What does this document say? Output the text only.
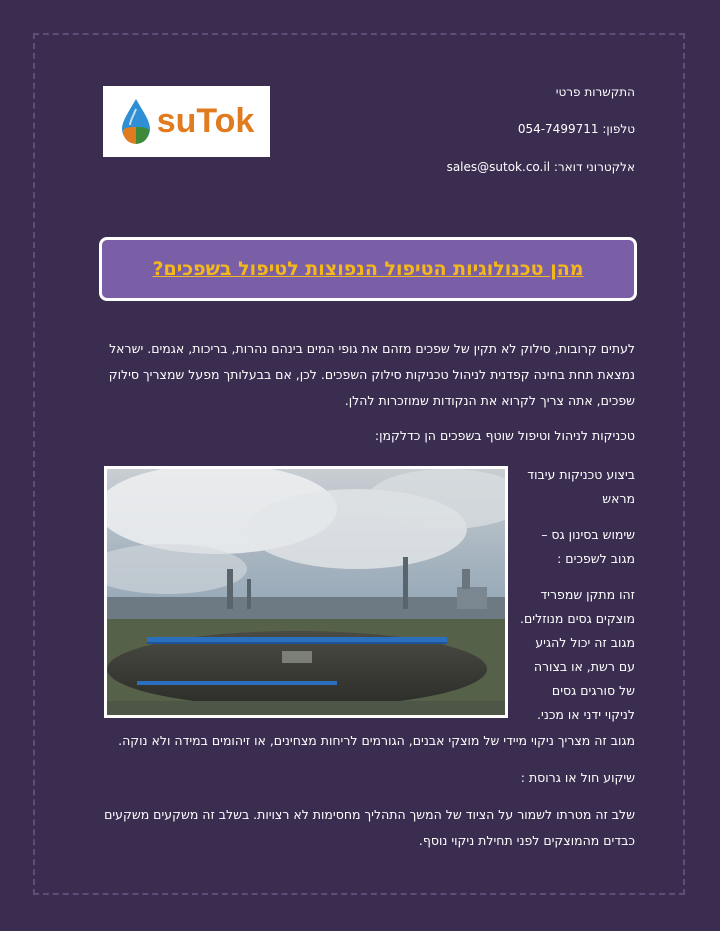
suTok
התקשרות פרטי
טלפון: 054-7499711
אלקטרוני דואר: sales@sutok.co.il
מהן טכנולוגיות הטיפול הנפוצות לטיפול בשפכים?
לעתים קרובות, סילוק לא תקין של שפכים מזהם את גופי המים בינהם נהרות, בריכות, אגמים. ישראל
נמצאת תחת בחינה קפדנית לניהול טכניקות סילוק השפכים. לכן, אם בבעלותך מפעל שמצריך סילוק
שפכים, אתה צריך לקרוא את הנקודות שמוזכרות להלן.
טכניקות לניהול וטיפול שוטף בשפכים הן כדלקמן:
ביצוע טכניקות עיבוד
מראש
שימוש בסינון גס –
מגוב לשפכים :
זהו מתקן שמפריד
מוצקים גסים מנוזלים.
מגוב זה יכול להגיע
עם רשת, או בצורה
של סורגים גסים
לניקוי ידני או מכני.
מגוב זה מצריך ניקוי מיידי של מוצקי אבנים, הגורמים לריחות מצחינים, או זיהומים במידה ולא נוקה.
שיקוע חול או גרוסת :
שלב זה מטרתו לשמור על הציוד של המשך התהליך מחסימות לא רצויות. בשלב זה משקעים משקעים
כבדים מהמוצקים לפני תחילת ניקוי נוסף.
